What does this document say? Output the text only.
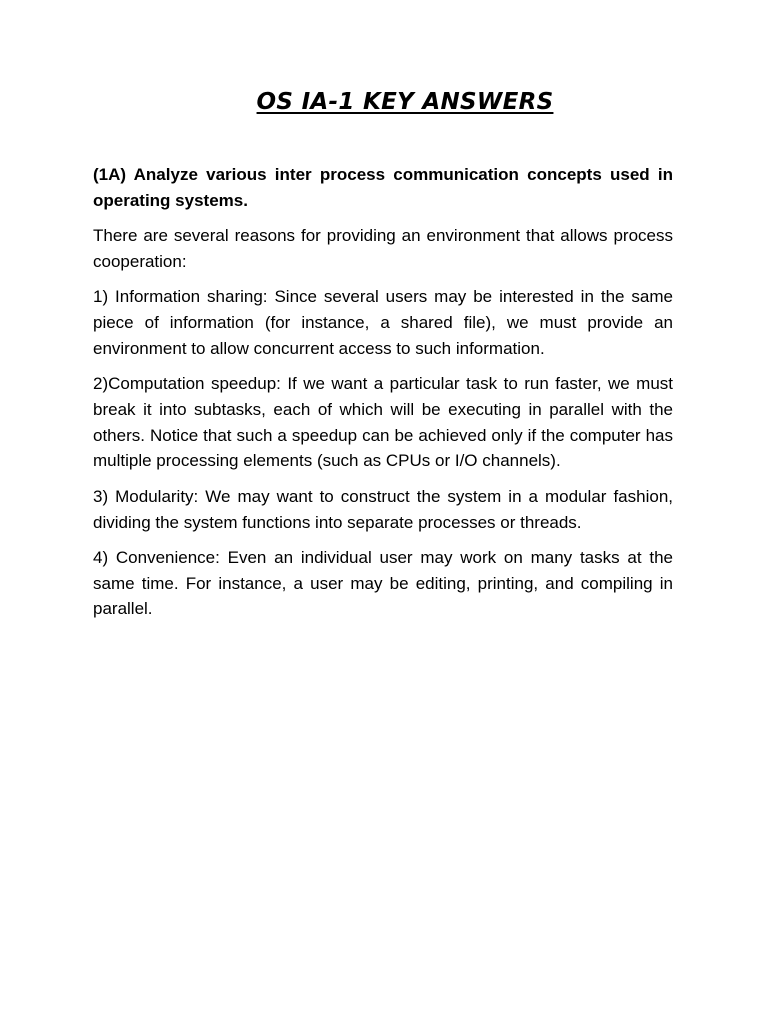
OS IA-1 KEY ANSWERS

(1A) Analyze various inter process communication concepts used in operating systems.

There are several reasons for providing an environment that allows process cooperation:

1) Information sharing: Since several users may be interested in the same piece of information (for instance, a shared file), we must provide an environment to allow concurrent access to such information.

2)Computation speedup: If we want a particular task to run faster, we must break it into subtasks, each of which will be executing in parallel with the others. Notice that such a speedup can be achieved only if the computer has multiple processing elements (such as CPUs or I/O channels).

3) Modularity: We may want to construct the system in a modular fashion, dividing the system functions into separate processes or threads.

4) Convenience: Even an individual user may work on many tasks at the same time. For instance, a user may be editing, printing, and compiling in parallel.
